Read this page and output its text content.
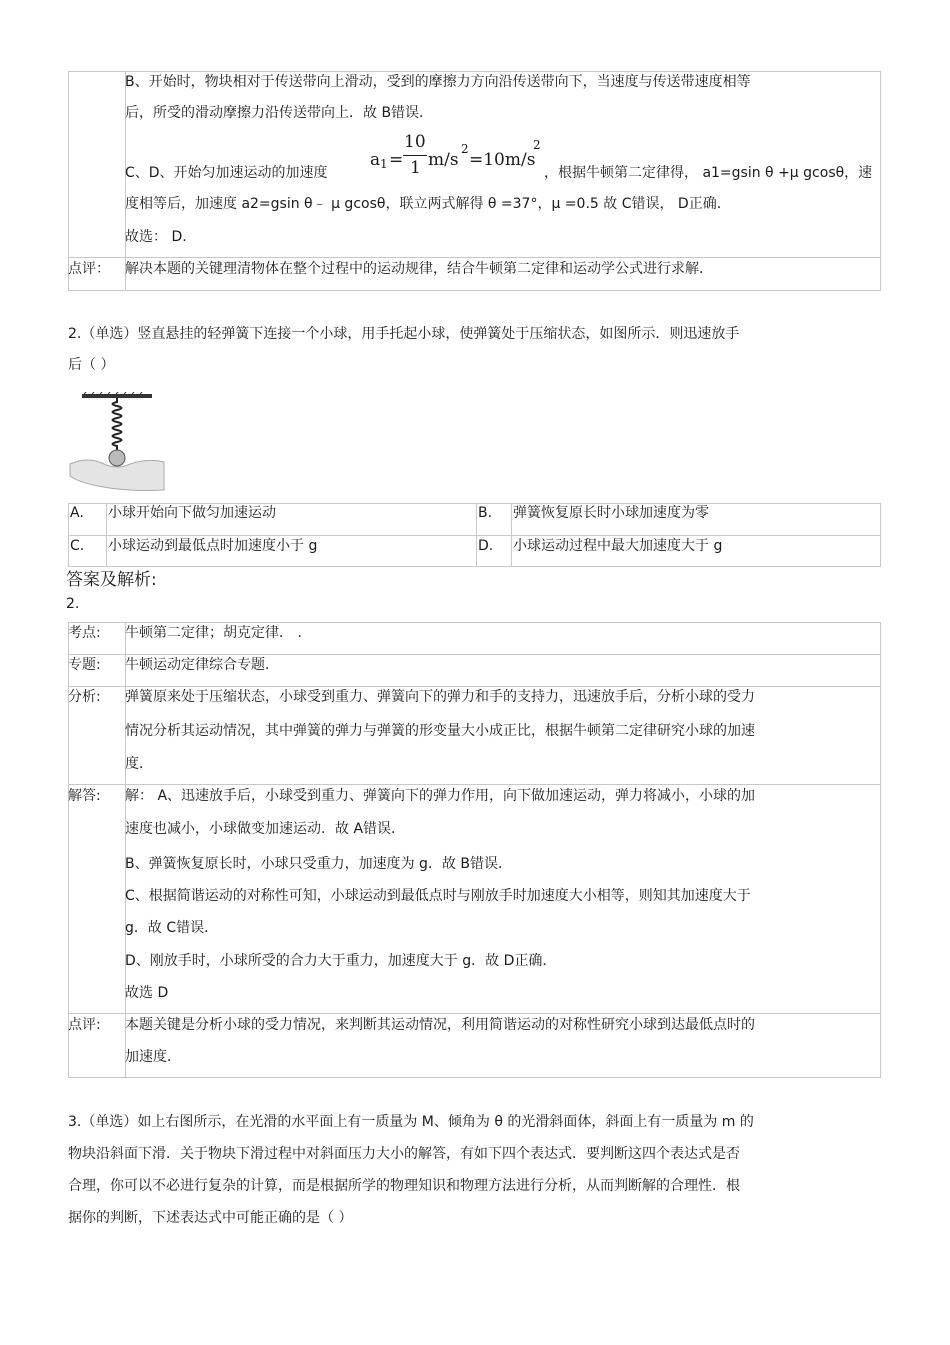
B、开始时，物块相对于传送带向上滑动，受到的摩擦力方向沿传送带向下，当速度与传送带速度相等
后，所受的滑动摩擦力沿传送带向上．故 B错误．
C、D、开始匀加速运动的加速度
a 1 =
10
1 m/s
2
=10m/s
2
，根据牛顿第二定律得， a1=gsin θ +μ gcosθ，速
度相等后，加速度 a2=gsin θ﹣ μ gcosθ，联立两式解得 θ =37°，μ =0.5 故 C错误， D正确．
故选： D.
点评： 解决本题的关键理清物体在整个过程中的运动规律，结合牛顿第二定律和运动学公式进行求解．
2.（单选）竖直悬挂的轻弹簧下连接一个小球，用手托起小球，使弹簧处于压缩状态，如图所示．则迅速放手
后（ ）
A. 小球开始向下做匀加速运动	B. 弹簧恢复原长时小球加速度为零
C. 小球运动到最低点时加速度小于 g	D. 小球运动过程中最大加速度大于 g
答案及解析:
2.
考点: 牛顿第二定律；胡克定律． .
专题: 牛顿运动定律综合专题．
分析: 弹簧原来处于压缩状态，小球受到重力、弹簧向下的弹力和手的支持力，迅速放手后，分析小球的受力
情况分析其运动情况，其中弹簧的弹力与弹簧的形变量大小成正比，根据牛顿第二定律研究小球的加速
度．
解答: 解： A、迅速放手后，小球受到重力、弹簧向下的弹力作用，向下做加速运动，弹力将减小，小球的加
速度也减小，小球做变加速运动．故 A错误．
B、弹簧恢复原长时，小球只受重力，加速度为 g．故 B错误．
C、根据简谐运动的对称性可知，小球运动到最低点时与刚放手时加速度大小相等，则知其加速度大于
g．故 C错误．
D、刚放手时，小球所受的合力大于重力，加速度大于 g．故 D正确．
故选 D
点评: 本题关键是分析小球的受力情况，来判断其运动情况，利用简谐运动的对称性研究小球到达最低点时的
加速度．
3.（单选）如上右图所示，在光滑的水平面上有一质量为 M、倾角为 θ 的光滑斜面体，斜面上有一质量为 m 的
物块沿斜面下滑．关于物块下滑过程中对斜面压力大小的解答，有如下四个表达式．要判断这四个表达式是否
合理，你可以不必进行复杂的计算，而是根据所学的物理知识和物理方法进行分析，从而判断解的合理性．根
据你的判断，下述表达式中可能正确的是（ ）
